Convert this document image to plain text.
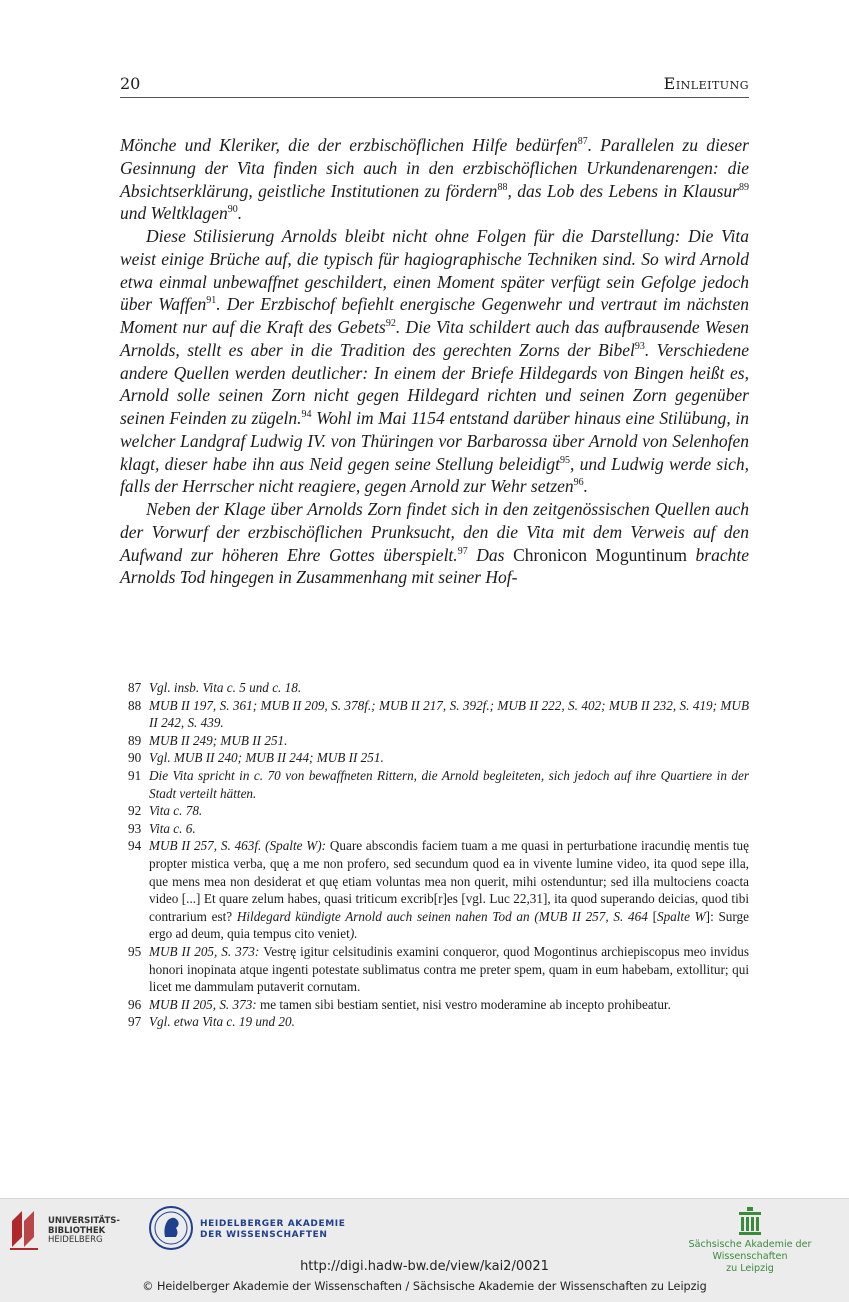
20	Einleitung

Mönche und Kleriker, die der erzbischöflichen Hilfe bedürfen$^{87}$. Parallelen zu dieser Gesinnung der Vita finden sich auch in den erzbischöflichen Urkundenarengen: die Absichtserklärung, geistliche Institutionen zu fördern$^{88}$, das Lob des Lebens in Klausur$^{89}$ und Weltklagen$^{90}$.

Diese Stilisierung Arnolds bleibt nicht ohne Folgen für die Darstellung: Die Vita weist einige Brüche auf, die typisch für hagiographische Techniken sind. So wird Arnold etwa einmal unbewaffnet geschildert, einen Moment später verfügt sein Gefolge jedoch über Waffen$^{91}$. Der Erzbischof befiehlt energische Gegenwehr und vertraut im nächsten Moment nur auf die Kraft des Gebets$^{92}$. Die Vita schildert auch das aufbrausende Wesen Arnolds, stellt es aber in die Tradition des gerechten Zorns der Bibel$^{93}$. Verschiedene andere Quellen werden deutlicher: In einem der Briefe Hildegards von Bingen heißt es, Arnold solle seinen Zorn nicht gegen Hildegard richten und seinen Zorn gegenüber seinen Feinden zu zügeln.$^{94}$ Wohl im Mai 1154 entstand darüber hinaus eine Stilübung, in welcher Landgraf Ludwig IV. von Thüringen vor Barbarossa über Arnold von Selenhofen klagt, dieser habe ihn aus Neid gegen seine Stellung beleidigt$^{95}$, und Ludwig werde sich, falls der Herrscher nicht reagiere, gegen Arnold zur Wehr setzen$^{96}$.

Neben der Klage über Arnolds Zorn findet sich in den zeitgenössischen Quellen auch der Vorwurf der erzbischöflichen Prunksucht, den die Vita mit dem Verweis auf den Aufwand zur höheren Ehre Gottes überspielt.$^{97}$ Das Chronicon Moguntinum brachte Arnolds Tod hingegen in Zusammenhang mit seiner Hof-

87 Vgl. insb. Vita c. 5 und c. 18.
88 MUB II 197, S. 361; MUB II 209, S. 378f.; MUB II 217, S. 392f.; MUB II 222, S. 402; MUB II 232, S. 419; MUB II 242, S. 439.
89 MUB II 249; MUB II 251.
90 Vgl. MUB II 240; MUB II 244; MUB II 251.
91 Die Vita spricht in c. 70 von bewaffneten Rittern, die Arnold begleiteten, sich jedoch auf ihre Quartiere in der Stadt verteilt hätten.
92 Vita c. 78.
93 Vita c. 6.
94 MUB II 257, S. 463f. (Spalte W): Quare abscondis faciem tuam a me quasi in perturbatione iracundię mentis tuę propter mistica verba, quę a me non profero, sed secundum quod ea in vivente lumine video, ita quod sepe illa, que mens mea non desiderat et quę etiam voluntas mea non querit, mihi ostenduntur; sed illa multociens coacta video [...] Et quare zelum habes, quasi triticum excrib[r]es [vgl. Luc 22,31], ita quod superando deicias, quod tibi contrarium est? Hildegard kündigte Arnold auch seinen nahen Tod an (MUB II 257, S. 464 [Spalte W]: Surge ergo ad deum, quia tempus cito veniet).
95 MUB II 205, S. 373: Vestrę igitur celsitudinis examini conqueror, quod Mogontinus archiepiscopus meo invidus honori inopinata atque ingenti potestate sublimatus contra me preter spem, quam in eum habebam, extollitur; qui licet me dammulam putaverit cornutam.
96 MUB II 205, S. 373: me tamen sibi bestiam sentiet, nisi vestro moderamine ab incepto prohibeatur.
97 Vgl. etwa Vita c. 19 und 20.
UNIVERSITÄTS-
BIBLIOTHEK
HEIDELBERG
HEIDELBERGER AKADEMIE
DER WISSENSCHAFTEN
Sächsische Akademie der Wissenschaften
zu Leipzig
http://digi.hadw-bw.de/view/kai2/0021
© Heidelberger Akademie der Wissenschaften / Sächsische Akademie der Wissenschaften zu Leipzig
